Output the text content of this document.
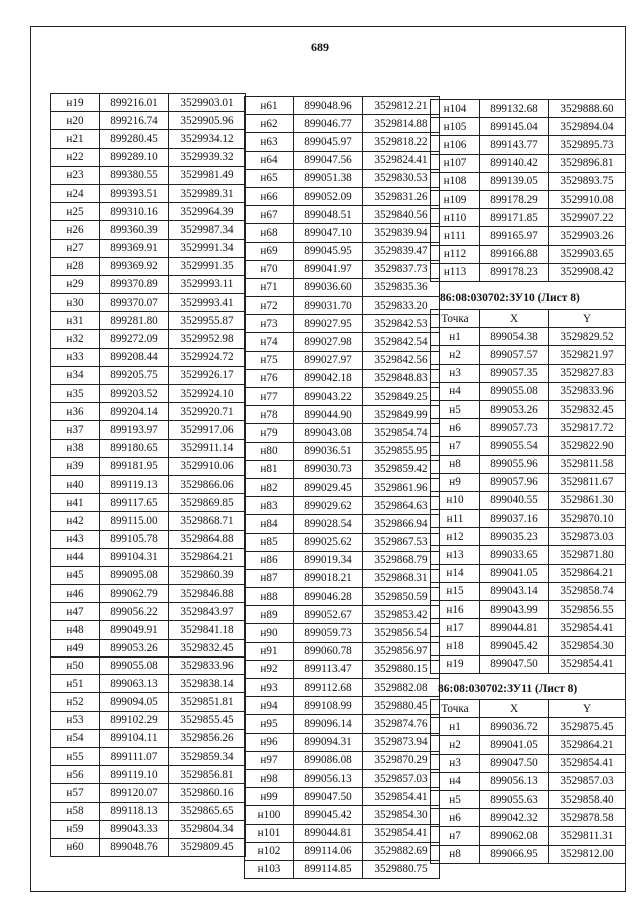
689
н19	899216.01	3529903.01
н20	899216.74	3529905.96
н21	899280.45	3529934.12
н22	899289.10	3529939.32
н23	899380.55	3529981.49
н24	899393.51	3529989.31
н25	899310.16	3529964.39
н26	899360.39	3529987.34
н27	899369.91	3529991.34
н28	899369.92	3529991.35
н29	899370.89	3529993.11
н30	899370.07	3529993.41
н31	899281.80	3529955.87
н32	899272.09	3529952.98
н33	899208.44	3529924.72
н34	899205.75	3529926.17
н35	899203.52	3529924.10
н36	899204.14	3529920.71
н37	899193.97	3529917.06
н38	899180.65	3529911.14
н39	899181.95	3529910.06
н40	899119.13	3529866.06
н41	899117.65	3529869.85
н42	899115.00	3529868.71
н43	899105.78	3529864.88
н44	899104.31	3529864.21
н45	899095.08	3529860.39
н46	899062.79	3529846.88
н47	899056.22	3529843.97
н48	899049.91	3529841.18
н49	899053.26	3529832.45
н50	899055.08	3529833.96
н51	899063.13	3529838.14
н52	899094.05	3529851.81
н53	899102.29	3529855.45
н54	899104.11	3529856.26
н55	899111.07	3529859.34
н56	899119.10	3529856.81
н57	899120.07	3529860.16
н58	899118.13	3529865.65
н59	899043.33	3529804.34
н60	899048.76	3529809.45
н61	899048.96	3529812.21
н62	899046.77	3529814.88
н63	899045.97	3529818.22
н64	899047.56	3529824.41
н65	899051.38	3529830.53
н66	899052.09	3529831.26
н67	899048.51	3529840.56
н68	899047.10	3529839.94
н69	899045.95	3529839.47
н70	899041.97	3529837.73
н71	899036.60	3529835.36
н72	899031.70	3529833.20
н73	899027.95	3529842.53
н74	899027.98	3529842.54
н75	899027.97	3529842.56
н76	899042.18	3529848.83
н77	899043.22	3529849.25
н78	899044.90	3529849.99
н79	899043.08	3529854.74
н80	899036.51	3529855.95
н81	899030.73	3529859.42
н82	899029.45	3529861.96
н83	899029.62	3529864.63
н84	899028.54	3529866.94
н85	899025.62	3529867.53
н86	899019.34	3529868.79
н87	899018.21	3529868.31
н88	899046.28	3529850.59
н89	899052.67	3529853.42
н90	899059.73	3529856.54
н91	899060.78	3529856.97
н92	899113.47	3529880.15
н93	899112.68	3529882.08
н94	899108.99	3529880.45
н95	899096.14	3529874.76
н96	899094.31	3529873.94
н97	899086.08	3529870.29
н98	899056.13	3529857.03
н99	899047.50	3529854.41
н100	899045.42	3529854.30
н101	899044.81	3529854.41
н102	899114.06	3529882.69
н103	899114.85	3529880.75
н104	899132.68	3529888.60
н105	899145.04	3529894.04
н106	899143.77	3529895.73
н107	899140.42	3529896.81
н108	899139.05	3529893.75
н109	899178.29	3529910.08
н110	899171.85	3529907.22
н111	899165.97	3529903.26
н112	899166.88	3529903.65
н113	899178.23	3529908.42
86:08:030702:ЗУ10 (Лист 8)
Точка	X	Y
н1	899054.38	3529829.52
н2	899057.57	3529821.97
н3	899057.35	3529827.83
н4	899055.08	3529833.96
н5	899053.26	3529832.45
н6	899057.73	3529817.72
н7	899055.54	3529822.90
н8	899055.96	3529811.58
н9	899057.96	3529811.67
н10	899040.55	3529861.30
н11	899037.16	3529870.10
н12	899035.23	3529873.03
н13	899033.65	3529871.80
н14	899041.05	3529864.21
н15	899043.14	3529858.74
н16	899043.99	3529856.55
н17	899044.81	3529854.41
н18	899045.42	3529854.30
н19	899047.50	3529854.41
86:08:030702:ЗУ11 (Лист 8)
Точка	X	Y
н1	899036.72	3529875.45
н2	899041.05	3529864.21
н3	899047.50	3529854.41
н4	899056.13	3529857.03
н5	899055.63	3529858.40
н6	899042.32	3529878.58
н7	899062.08	3529811.31
н8	899066.95	3529812.00
